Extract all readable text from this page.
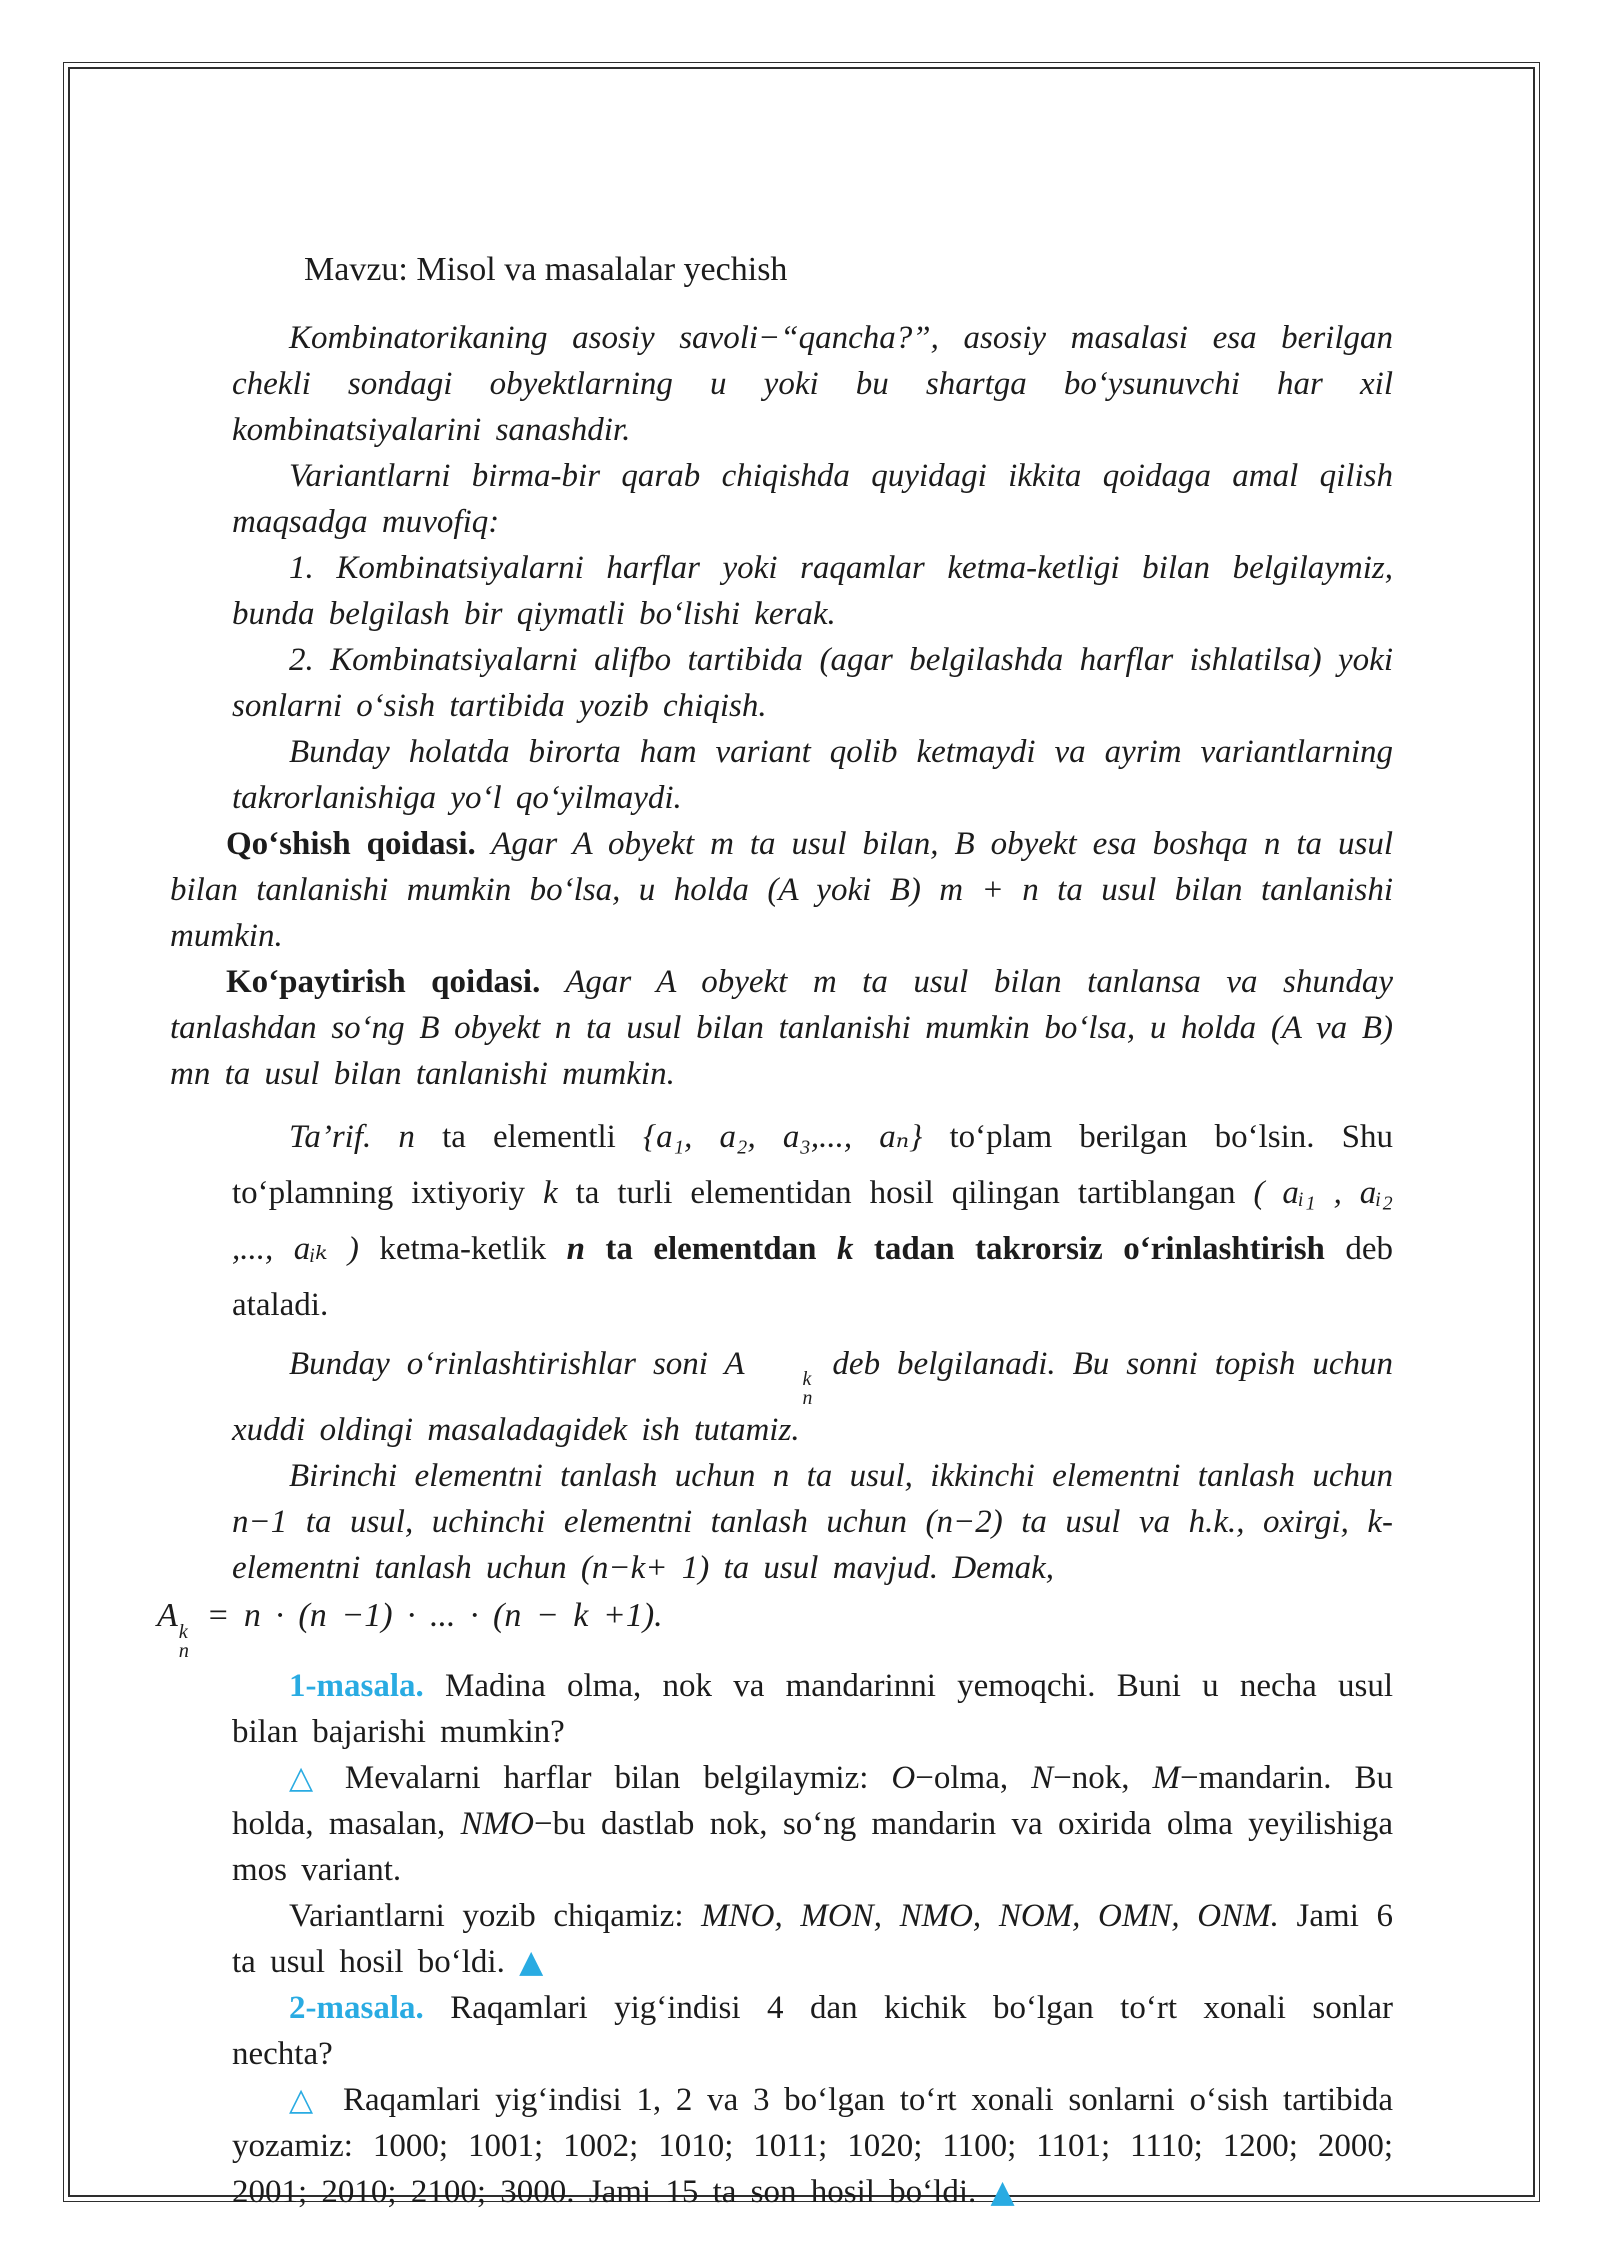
Mavzu: Misol va masalalar yechish

Kombinatorikaning asosiy savoli−“qancha?”, asosiy masalasi esa berilgan chekli sondagi obyektlarning u yoki bu shartga bo‘ysunuvchi har xil kombinatsiyalarini sanashdir.

Variantlarni birma-bir qarab chiqishda quyidagi ikkita qoidaga amal qilish maqsadga muvofiq:

1. Kombinatsiyalarni harflar yoki raqamlar ketma-ketligi bilan belgilaymiz, bunda belgilash bir qiymatli bo‘lishi kerak.

2. Kombinatsiyalarni alifbo tartibida (agar belgilashda harflar ishlatilsa) yoki sonlarni o‘sish tartibida yozib chiqish.

Bunday holatda birorta ham variant qolib ketmaydi va ayrim variantlarning takrorlanishiga yo‘l qo‘yilmaydi.

Qo‘shish qoidasi. Agar A obyekt m ta usul bilan, B obyekt esa boshqa n ta usul bilan tanlanishi mumkin bo‘lsa, u holda (A yoki B) m + n ta usul bilan tanlanishi mumkin.

Ko‘paytirish qoidasi. Agar A obyekt m ta usul bilan tanlansa va shunday tanlashdan so‘ng B obyekt n ta usul bilan tanlanishi mumkin bo‘lsa, u holda (A va B) mn ta usul bilan tanlanishi mumkin.

Ta’rif. n ta elementli {a₁, a₂, a₃,..., aₙ} to‘plam berilgan bo‘lsin. Shu to‘plamning ixtiyoriy k ta turli elementidan hosil qilingan tartiblangan ( aᵢ₁ , aᵢ₂ ,..., aᵢₖ ) ketma-ketlik n ta elementdan k tadan takrorsiz o‘rinlashtirish deb ataladi.

Bunday o‘rinlashtirishlar soni A	k
n
deb belgilanadi. Bu sonni topish uchun xuddi oldingi masaladagidek ish tutamiz.

Birinchi elementni tanlash uchun n ta usul, ikkinchi elementni tanlash uchun n−1 ta usul, uchinchi elementni tanlash uchun (n−2) ta usul va h.k., oxirgi, k- elementni tanlash uchun (n−k+ 1) ta usul mavjud. Demak,

A k
n
= n · (n −1) · ... · (n − k +1).

1-masala. Madina olma, nok va mandarinni yemoqchi. Buni u necha usul bilan bajarishi mumkin?

△ Mevalarni harflar bilan belgilaymiz: O−olma, N−nok, M−mandarin. Bu holda, masalan, NMO−bu dastlab nok, so‘ng mandarin va oxirida olma yeyilishiga mos variant.

Variantlarni yozib chiqamiz: MNO, MON, NMO, NOM, OMN, ONM. Jami 6 ta usul hosil bo‘ldi. ▲

2-masala. Raqamlari yig‘indisi 4 dan kichik bo‘lgan to‘rt xonali sonlar nechta?

△ Raqamlari yig‘indisi 1, 2 va 3 bo‘lgan to‘rt xonali sonlarni o‘sish tartibida yozamiz: 1000; 1001; 1002; 1010; 1011; 1020; 1100; 1101; 1110; 1200; 2000; 2001; 2010; 2100; 3000. Jami 15 ta son hosil bo‘ldi. ▲
